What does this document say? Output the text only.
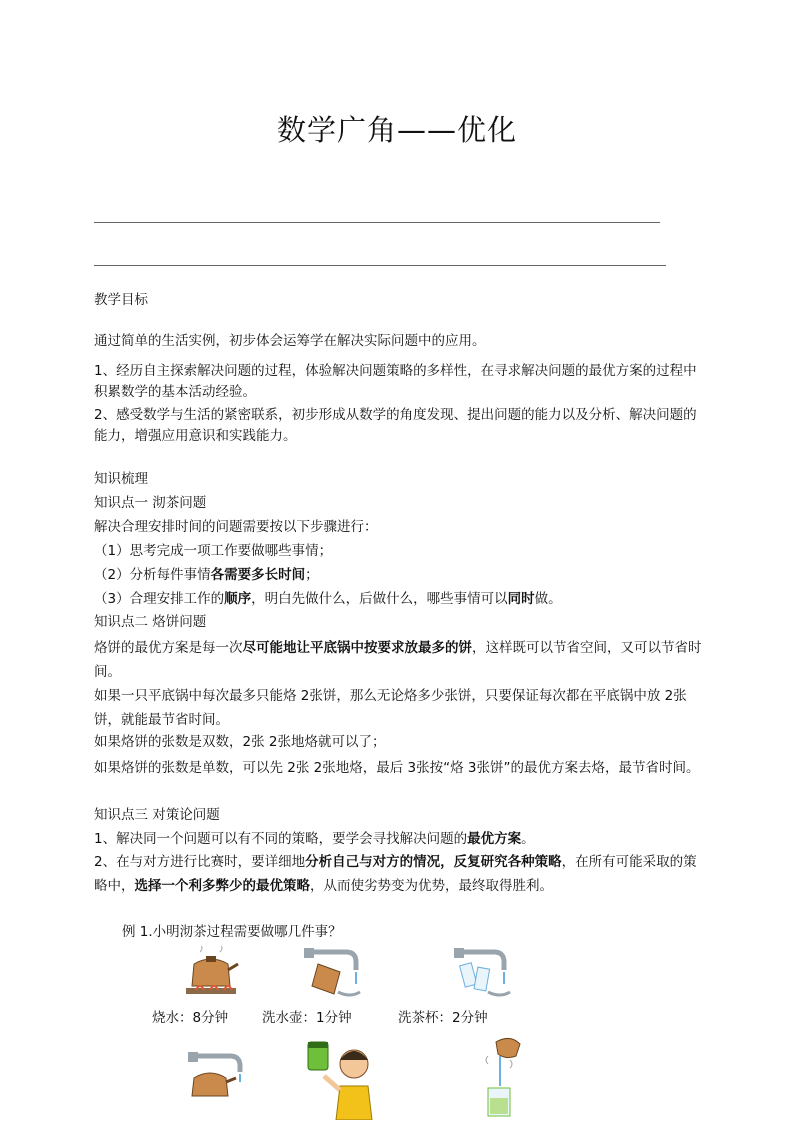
数学广角——优化
教学目标
通过简单的生活实例，初步体会运筹学在解决实际问题中的应用。
1、经历自主探索解决问题的过程，体验解决问题策略的多样性，在寻求解决问题的最优方案的过程中积累数学的基本活动经验。
2、感受数学与生活的紧密联系，初步形成从数学的角度发现、提出问题的能力以及分析、解决问题的能力，增强应用意识和实践能力。
知识梳理
知识点一 沏茶问题
解决合理安排时间的问题需要按以下步骤进行：
（1）思考完成一项工作要做哪些事情；
（2）分析每件事情各需要多长时间；
（3）合理安排工作的顺序，明白先做什么，后做什么，哪些事情可以同时做。
知识点二 烙饼问题
烙饼的最优方案是每一次尽可能地让平底锅中按要求放最多的饼，这样既可以节省空间，又可以节省时间。
如果一只平底锅中每次最多只能烙 2张饼，那么无论烙多少张饼，只要保证每次都在平底锅中放 2张饼，就能最节省时间。
如果烙饼的张数是双数，2张 2张地烙就可以了；
如果烙饼的张数是单数，可以先 2张 2张地烙，最后 3张按“烙 3张饼”的最优方案去烙，最节省时间。
知识点三 对策论问题
1、解决同一个问题可以有不同的策略，要学会寻找解决问题的最优方案。
2、在与对方进行比赛时，要详细地分析自己与对方的情况，反复研究各种策略，在所有可能采取的策略中，选择一个利多弊少的最优策略，从而使劣势变为优势，最终取得胜利。
例 1.小明沏茶过程需要做哪几件事？
烧水：8分钟	洗水壶：1分钟	洗茶杯：2分钟
